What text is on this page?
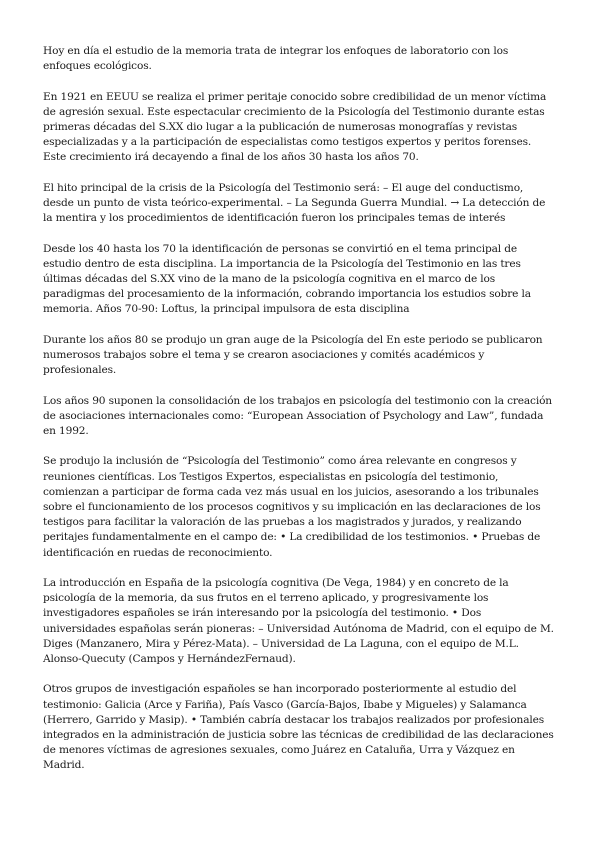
Hoy en día el estudio de la memoria trata de integrar los enfoques de laboratorio con los enfoques ecológicos.

En 1921 en EEUU se realiza el primer peritaje conocido sobre credibilidad de un menor víctima de agresión sexual. Este espectacular crecimiento de la Psicología del Testimonio durante estas primeras décadas del S.XX dio lugar a la publicación de numerosas monografías y revistas especializadas y a la participación de especialistas como testigos expertos y peritos forenses. Este crecimiento irá decayendo a final de los años 30 hasta los años 70.

El hito principal de la crisis de la Psicología del Testimonio será: – El auge del conductismo, desde un punto de vista teórico-experimental. – La Segunda Guerra Mundial. → La detección de la mentira y los procedimientos de identificación fueron los principales temas de interés

Desde los 40 hasta los 70 la identificación de personas se convirtió en el tema principal de estudio dentro de esta disciplina. La importancia de la Psicología del Testimonio en las tres últimas décadas del S.XX vino de la mano de la psicología cognitiva en el marco de los paradigmas del procesamiento de la información, cobrando importancia los estudios sobre la memoria. Años 70-90: Loftus, la principal impulsora de esta disciplina

Durante los años 80 se produjo un gran auge de la Psicología del En este periodo se publicaron numerosos trabajos sobre el tema y se crearon asociaciones y comités académicos y profesionales.

Los años 90 suponen la consolidación de los trabajos en psicología del testimonio con la creación de asociaciones internacionales como: “European Association of Psychology and Law”, fundada en 1992.

Se produjo la inclusión de “Psicología del Testimonio” como área relevante en congresos y reuniones científicas. Los Testigos Expertos, especialistas en psicología del testimonio, comienzan a participar de forma cada vez más usual en los juicios, asesorando a los tribunales sobre el funcionamiento de los procesos cognitivos y su implicación en las declaraciones de los testigos para facilitar la valoración de las pruebas a los magistrados y jurados, y realizando peritajes fundamentalmente en el campo de: • La credibilidad de los testimonios. • Pruebas de identificación en ruedas de reconocimiento.

La introducción en España de la psicología cognitiva (De Vega, 1984) y en concreto de la psicología de la memoria, da sus frutos en el terreno aplicado, y progresivamente los investigadores españoles se irán interesando por la psicología del testimonio. • Dos universidades españolas serán pioneras: – Universidad Autónoma de Madrid, con el equipo de M. Diges (Manzanero, Mira y Pérez-Mata). – Universidad de La Laguna, con el equipo de M.L. Alonso-Quecuty (Campos y HernándezFernaud).

Otros grupos de investigación españoles se han incorporado posteriormente al estudio del testimonio: Galicia (Arce y Fariña), País Vasco (García-Bajos, Ibabe y Migueles) y Salamanca (Herrero, Garrido y Masip). • También cabría destacar los trabajos realizados por profesionales integrados en la administración de justicia sobre las técnicas de credibilidad de las declaraciones de menores víctimas de agresiones sexuales, como Juárez en Cataluña, Urra y Vázquez en Madrid.
